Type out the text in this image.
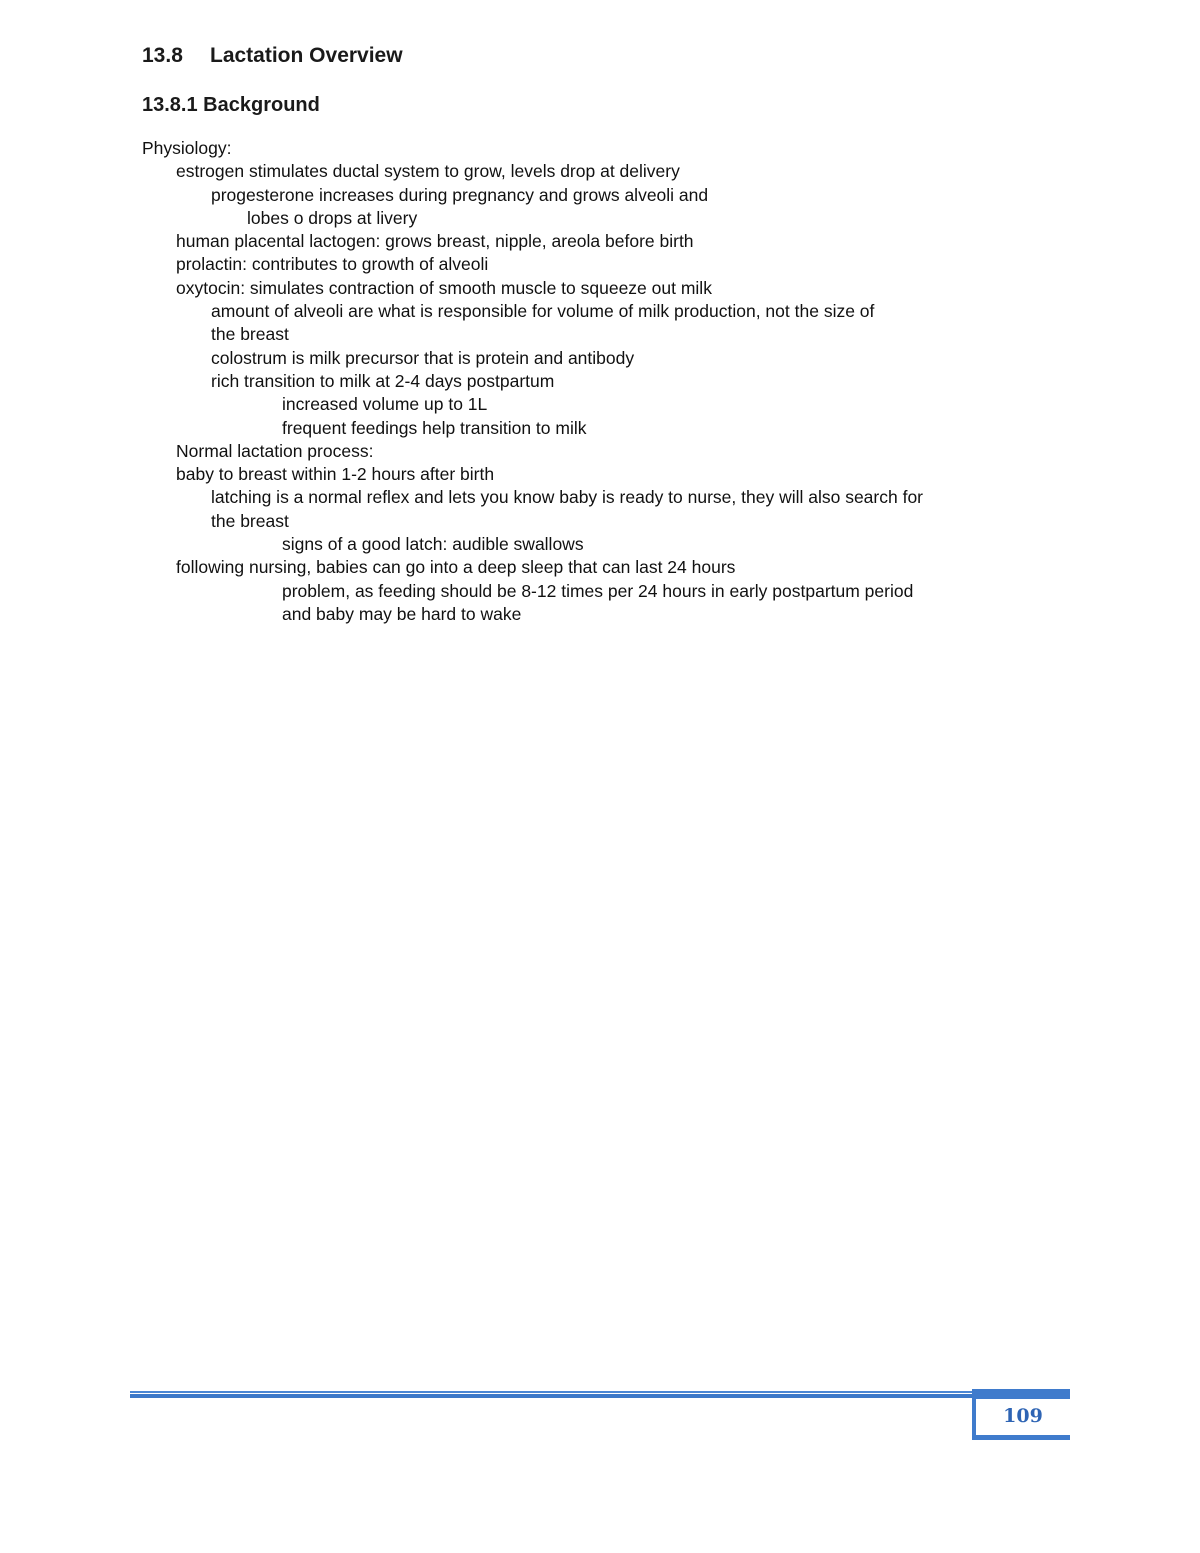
13.8 Lactation Overview
13.8.1 Background
Physiology:
estrogen stimulates ductal system to grow, levels drop at delivery
progesterone increases during pregnancy and grows alveoli and
lobes o drops at livery
human placental lactogen: grows breast, nipple, areola before birth
prolactin: contributes to growth of alveoli
oxytocin: simulates contraction of smooth muscle to squeeze out milk
amount of alveoli are what is responsible for volume of milk production, not the size of
the breast
colostrum is milk precursor that is protein and antibody
rich transition to milk at 2-4 days postpartum
increased volume up to 1L
frequent feedings help transition to milk
Normal lactation process:
baby to breast within 1-2 hours after birth
latching is a normal reflex and lets you know baby is ready to nurse, they will also search for
the breast
signs of a good latch: audible swallows
following nursing, babies can go into a deep sleep that can last 24 hours
problem, as feeding should be 8-12 times per 24 hours in early postpartum period
and baby may be hard to wake
109
